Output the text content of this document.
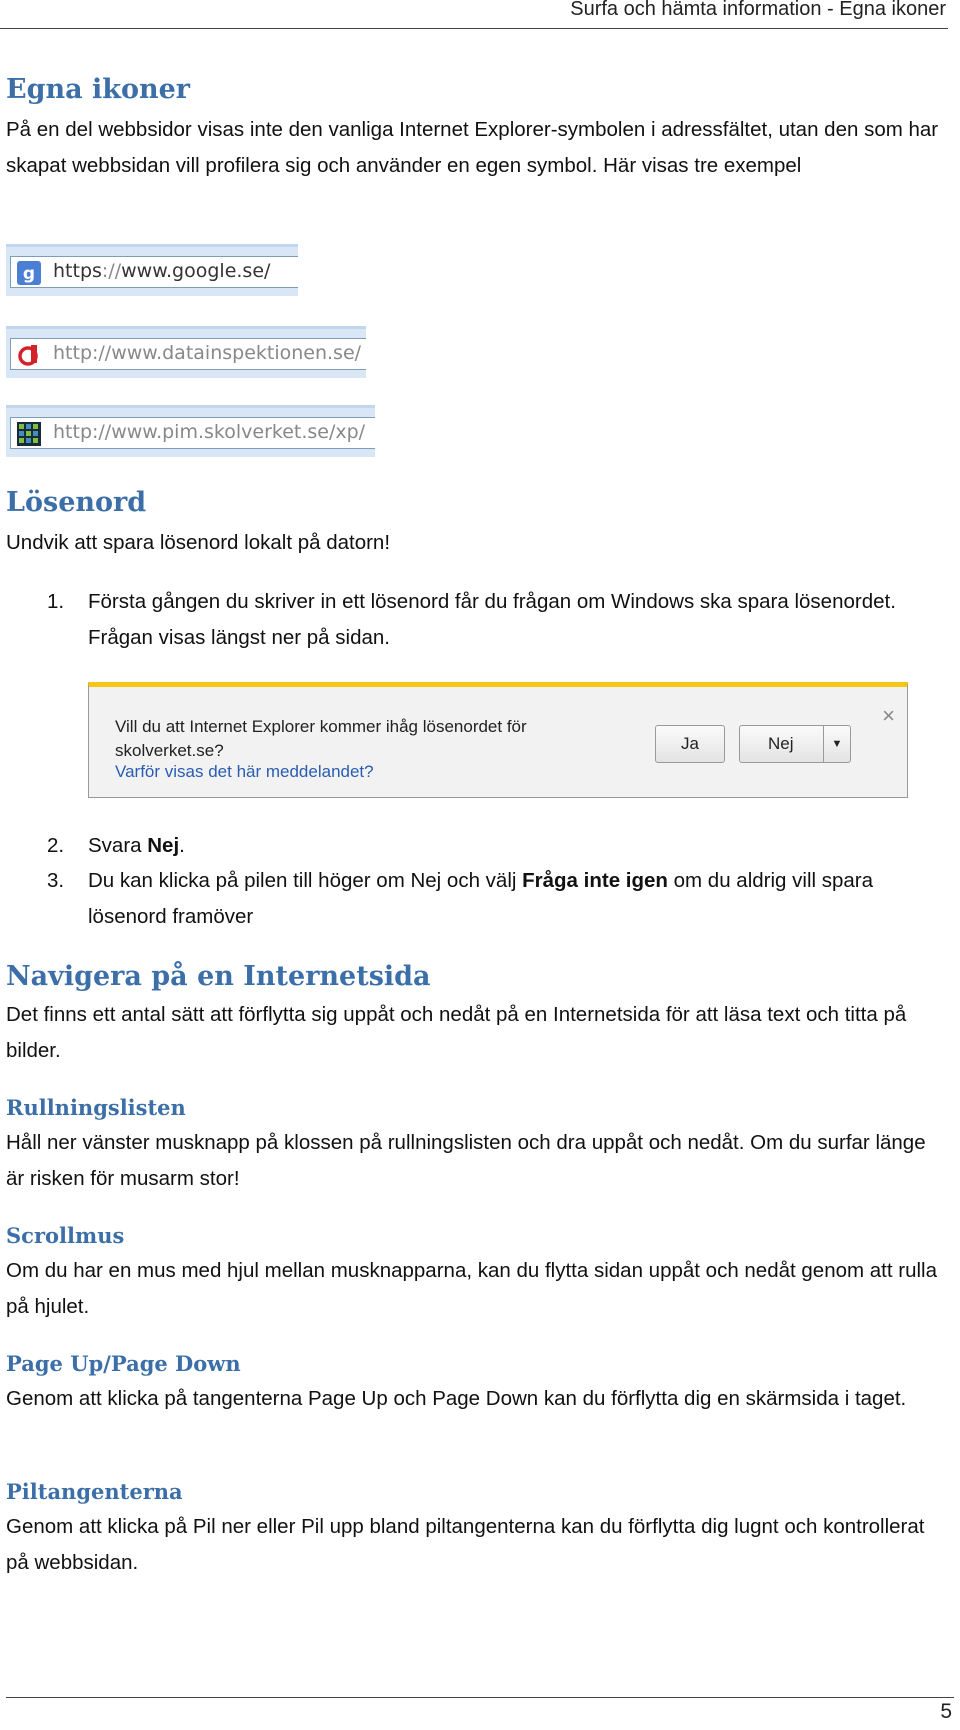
Surfa och hämta information - Egna ikoner
Egna ikoner

På en del webbsidor visas inte den vanliga Internet Explorer-symbolen i adressfältet, utan den som har skapat webbsidan vill profilera sig och använder en egen symbol. Här visas tre exempel

g https://www.google.se/
http://www.datainspektionen.se/
http://www.pim.skolverket.se/xp/
Lösenord

Undvik att spara lösenord lokalt på datorn!

1.	Första gången du skriver in ett lösenord får du frågan om Windows ska spara lösenordet. Frågan visas längst ner på sidan.
Vill du att Internet Explorer kommer ihåg lösenordet för
skolverket.se?
Varför visas det här meddelandet?
Ja	Nej	▼
×
2.	Svara Nej.
3.	Du kan klicka på pilen till höger om Nej och välj Fråga inte igen om du aldrig vill spara lösenord framöver
Navigera på en Internetsida

Det finns ett antal sätt att förflytta sig uppåt och nedåt på en Internetsida för att läsa text och titta på bilder.

Rullningslisten

Håll ner vänster musknapp på klossen på rullningslisten och dra uppåt och nedåt. Om du surfar länge är risken för musarm stor!

Scrollmus

Om du har en mus med hjul mellan musknapparna, kan du flytta sidan uppåt och nedåt genom att rulla på hjulet.

Page Up/Page Down

Genom att klicka på tangenterna Page Up och Page Down kan du förflytta dig en skärmsida i taget.

Piltangenterna

Genom att klicka på Pil ner eller Pil upp bland piltangenterna kan du förflytta dig lugnt och kontrollerat på webbsidan.

5
